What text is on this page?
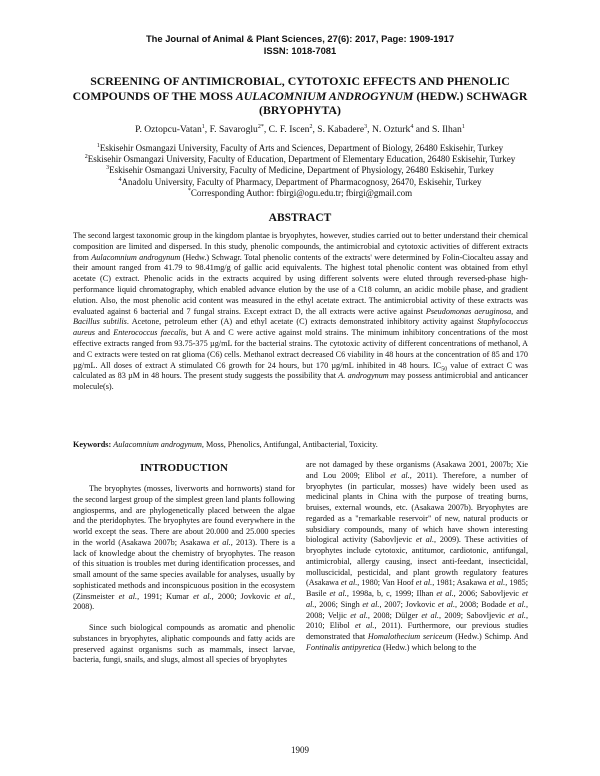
The Journal of Animal & Plant Sciences, 27(6): 2017, Page: 1909-1917
ISSN: 1018-7081
SCREENING OF ANTIMICROBIAL, CYTOTOXIC EFFECTS AND PHENOLIC
COMPOUNDS OF THE MOSS AULACOMNIUM ANDROGYNUM (HEDW.) SCHWAGR
(BRYOPHYTA)
P. Oztopcu-Vatan$^1$, F. Savaroglu$^{2*}$, C. F. Iscen$^2$, S. Kabadere$^3$, N. Ozturk$^4$ and S. Ilhan$^1$
$^1$Eskisehir Osmangazi University, Faculty of Arts and Sciences, Department of Biology, 26480 Eskisehir, Turkey
$^2$Eskisehir Osmangazi University, Faculty of Education, Department of Elementary Education, 26480 Eskisehir, Turkey
$^3$Eskisehir Osmangazi University, Faculty of Medicine, Department of Physiology, 26480 Eskisehir, Turkey
$^4$Anadolu University, Faculty of Pharmacy, Department of Pharmacognosy, 26470, Eskisehir, Turkey
*Corresponding Author: fbirgi@ogu.edu.tr; fbirgi@gmail.com
ABSTRACT
The second largest taxonomic group in the kingdom plantae is bryophytes, however, studies carried out to better understand their chemical composition are limited and dispersed. In this study, phenolic compounds, the antimicrobial and cytotoxic activities of different extracts from Aulacomnium androgynum (Hedw.) Schwagr. Total phenolic contents of the extracts' were determined by Folin-Ciocalteu assay and their amount ranged from 41.79 to 98.41mg/g of gallic acid equivalents. The highest total phenolic content was obtained from ethyl acetate (C) extract. Phenolic acids in the extracts acquired by using different solvents were eluted through reversed-phase high-performance liquid chromatography, which enabled advance elution by the use of a C18 column, an acidic mobile phase, and gradient elution. Also, the most phenolic acid content was measured in the ethyl acetate extract. The antimicrobial activity of these extracts was evaluated against 6 bacterial and 7 fungal strains. Except extract D, the all extracts were active against Pseudomonas aeruginosa, and Bacillus subtilis. Acetone, petroleum ether (A) and ethyl acetate (C) extracts demonstrated inhibitory activity against Staphylococcus aureus and Enterococcus faecalis, but A and C were active against mold strains. The minimum inhibitory concentrations of the most effective extracts ranged from 93.75-375 µg/mL for the bacterial strains. The cytotoxic activity of different concentrations of methanol, A and C extracts were tested on rat glioma (C6) cells. Methanol extract decreased C6 viability in 48 hours at the concentration of 85 and 170 µg/mL. All doses of extract A stimulated C6 growth for 24 hours, but 170 µg/mL inhibited in 48 hours. $IC_{50}$ value of extract C was calculated as 83 µM in 48 hours. The present study suggests the possibility that A. androgynum may possess antimicrobial and anticancer molecule(s).
Keywords: Aulacomnium androgynum, Moss, Phenolics, Antifungal, Antibacterial, Toxicity.
INTRODUCTION

The bryophytes (mosses, liverworts and hornworts) stand for the second largest group of the simplest green land plants following angiosperms, and are phylogenetically placed between the algae and the pteridophytes. The bryophytes are found everywhere in the world except the seas. There are about 20.000 and 25.000 species in the world (Asakawa 2007b; Asakawa et al., 2013). There is a lack of knowledge about the chemistry of bryophytes. The reason of this situation is troubles met during identification processes, and small amount of the same species available for analyses, usually by sophisticated methods and inconspicuous position in the ecosystem (Zinsmeister et al., 1991; Kumar et al., 2000; Jovkovic et al., 2008).

Since such biological compounds as aromatic and phenolic substances in bryophytes, aliphatic compounds and fatty acids are preserved against organisms such as mammals, insect larvae, bacteria, fungi, snails, and slugs, almost all species of bryophytes

are not damaged by these organisms (Asakawa 2001, 2007b; Xie and Lou 2009; Elibol et al., 2011). Therefore, a number of bryophytes (in particular, mosses) have widely been used as medicinal plants in China with the purpose of treating burns, bruises, external wounds, etc. (Asakawa 2007b). Bryophytes are regarded as a "remarkable reservoir" of new, natural products or subsidiary compounds, many of which have shown interesting biological activity (Sabovljevic et al., 2009). These activities of bryophytes include cytotoxic, antitumor, cardiotonic, antifungal, antimicrobial, allergy causing, insect anti-feedant, insecticidal, molluscicidal, pesticidal, and plant growth regulatory features (Asakawa et al., 1980; Van Hoof et al., 1981; Asakawa et al., 1985; Basile et al., 1998a, b, c, 1999; Ilhan et al., 2006; Sabovljevic et al., 2006; Singh et al., 2007; Jovkovic et al., 2008; Bodade et al., 2008; Veljic et al., 2008; Dülger et al., 2009; Sabovljevic et al., 2010; Elibol et al., 2011). Furthermore, our previous studies demonstrated that Homalothecium sericeum (Hedw.) Schimp. And Fontinalis antipyretica (Hedw.) which belong to the

1909
